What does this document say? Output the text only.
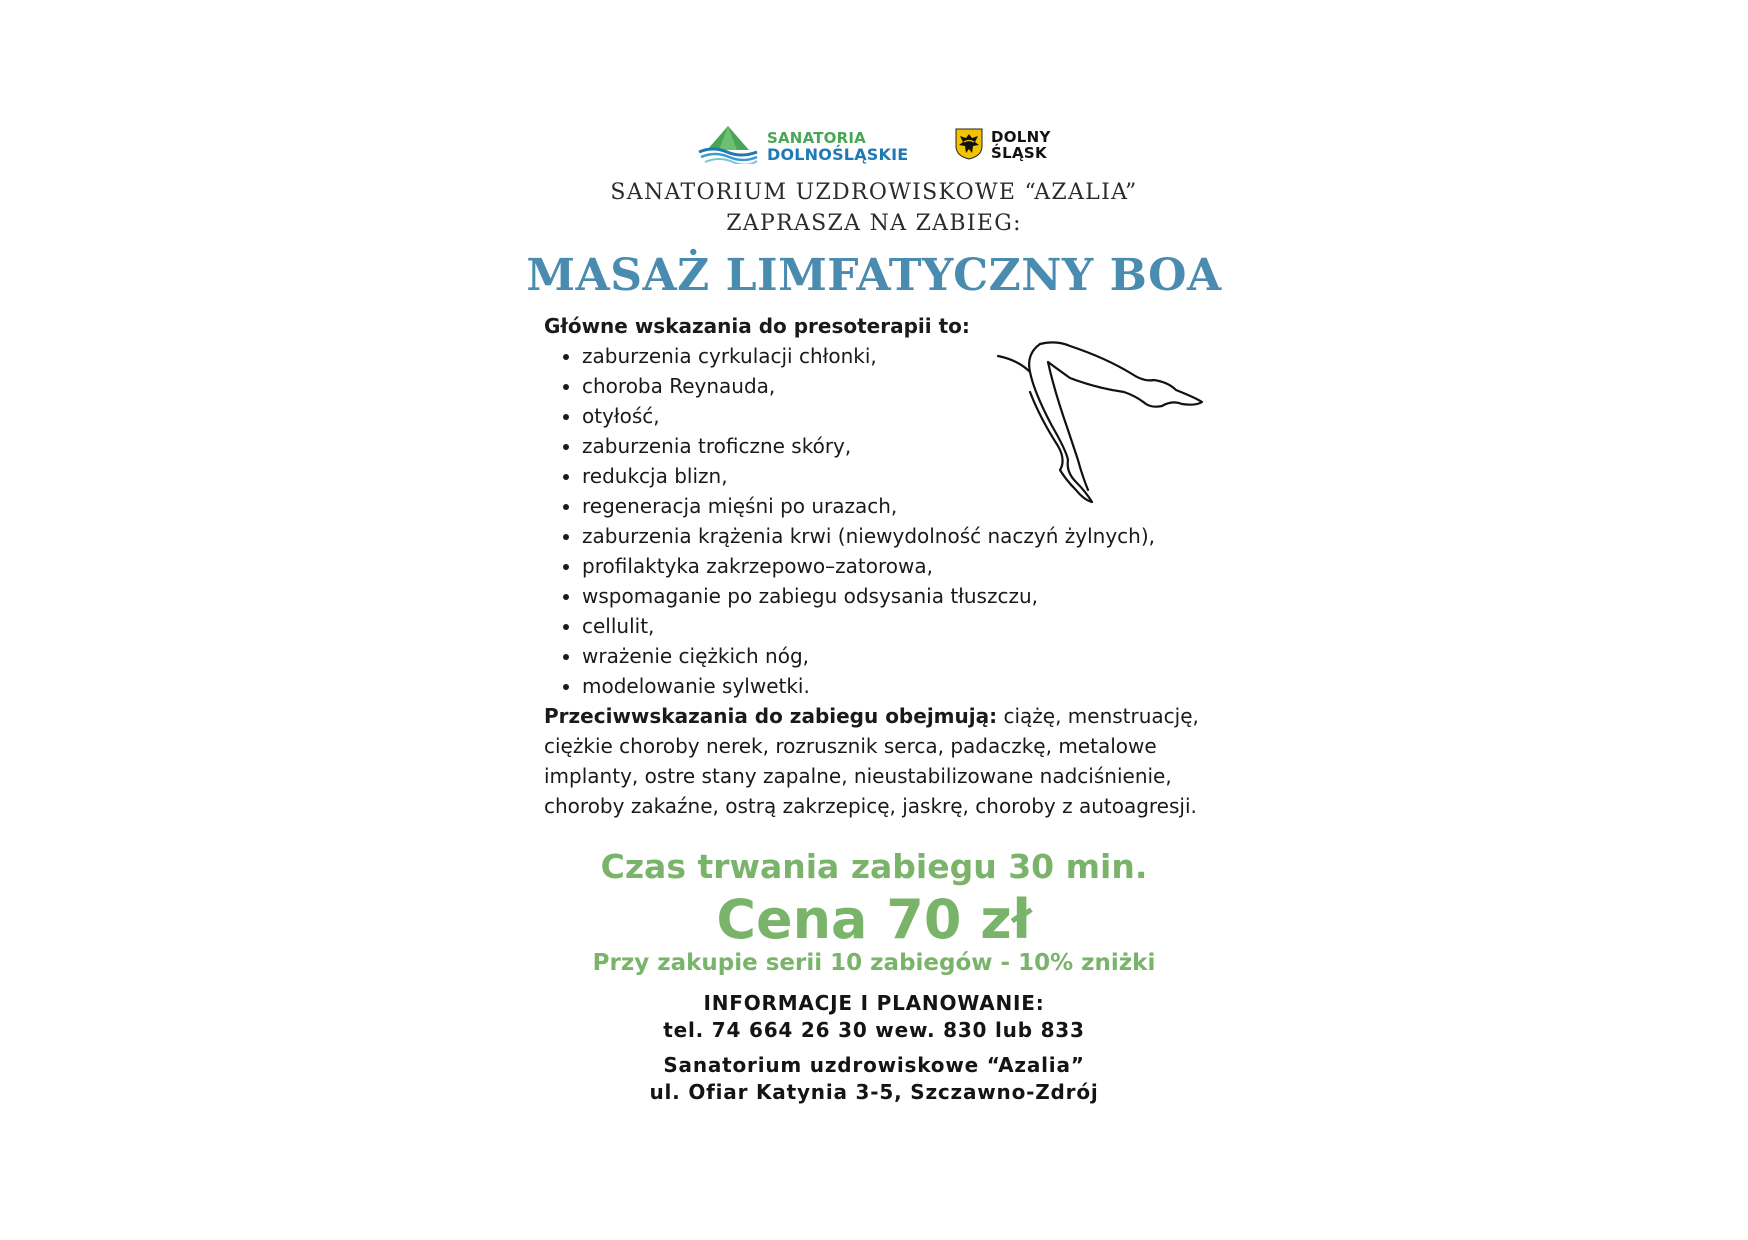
SANATORIA
DOLNOŚLĄSKIE
DOLNY
ŚLĄSK
SANATORIUM UZDROWISKOWE “AZALIA”
ZAPRASZA NA ZABIEG:
MASAŻ LIMFATYCZNY BOA
Główne wskazania do presoterapii to:
• zaburzenia cyrkulacji chłonki,
• choroba Reynauda,
• otyłość,
• zaburzenia troficzne skóry,
• redukcja blizn,
• regeneracja mięśni po urazach,
• zaburzenia krążenia krwi (niewydolność naczyń żylnych),
• profilaktyka zakrzepowo–zatorowa,
• wspomaganie po zabiegu odsysania tłuszczu,
• cellulit,
• wrażenie ciężkich nóg,
• modelowanie sylwetki.

Przeciwwskazania do zabiegu obejmują: ciążę, menstruację, ciężkie choroby nerek, rozrusznik serca, padaczkę, metalowe implanty, ostre stany zapalne, nieustabilizowane nadciśnienie, choroby zakaźne, ostrą zakrzepicę, jaskrę, choroby z autoagresji.

Czas trwania zabiegu 30 min.
Cena 70 zł
Przy zakupie serii 10 zabiegów - 10% zniżki
INFORMACJE I PLANOWANIE:
tel. 74 664 26 30 wew. 830 lub 833
Sanatorium uzdrowiskowe “Azalia”
ul. Ofiar Katynia 3-5, Szczawno-Zdrój
